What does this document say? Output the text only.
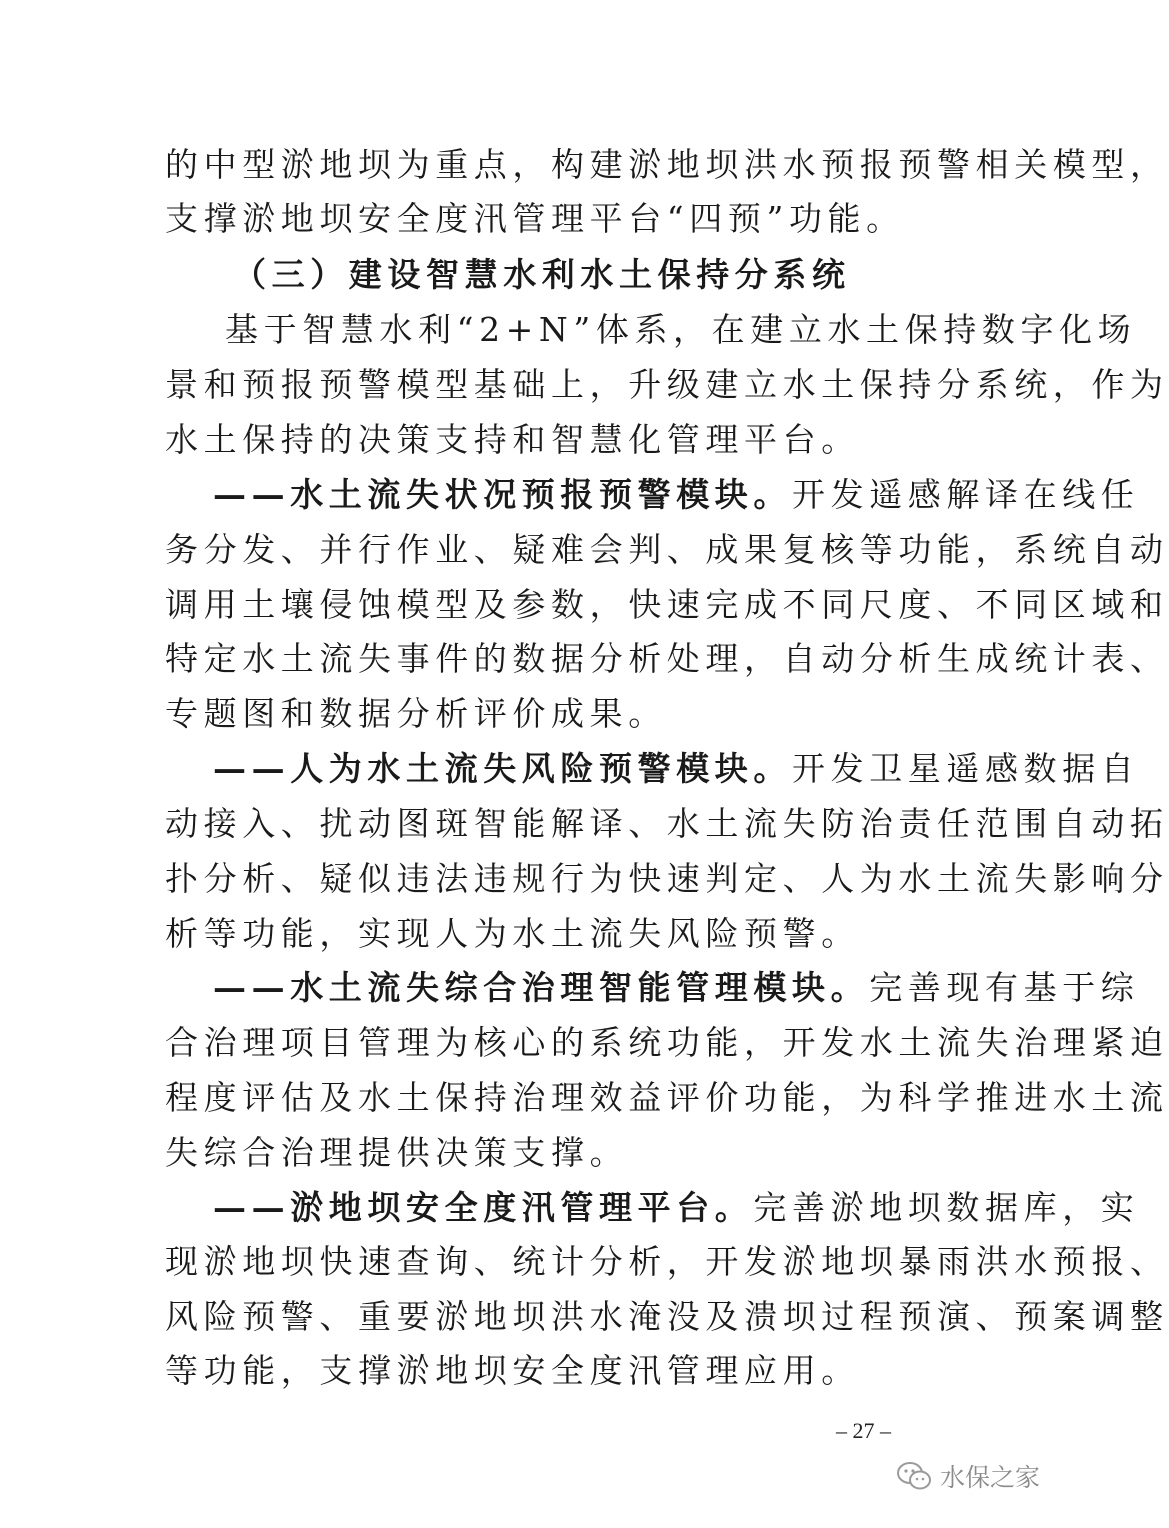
的中型淤地坝为重点，构建淤地坝洪水预报预警相关模型，
支撑淤地坝安全度汛管理平台“四预”功能。
（三）建设智慧水利水土保持分系统
基于智慧水利“2+N”体系，在建立水土保持数字化场
景和预报预警模型基础上，升级建立水土保持分系统，作为
水土保持的决策支持和智慧化管理平台。
——水土流失状况预报预警模块。开发遥感解译在线任
务分发、并行作业、疑难会判、成果复核等功能，系统自动
调用土壤侵蚀模型及参数，快速完成不同尺度、不同区域和
特定水土流失事件的数据分析处理，自动分析生成统计表、
专题图和数据分析评价成果。
——人为水土流失风险预警模块。开发卫星遥感数据自
动接入、扰动图斑智能解译、水土流失防治责任范围自动拓
扑分析、疑似违法违规行为快速判定、人为水土流失影响分
析等功能，实现人为水土流失风险预警。
——水土流失综合治理智能管理模块。完善现有基于综
合治理项目管理为核心的系统功能，开发水土流失治理紧迫
程度评估及水土保持治理效益评价功能，为科学推进水土流
失综合治理提供决策支撑。
——淤地坝安全度汛管理平台。完善淤地坝数据库，实
现淤地坝快速查询、统计分析，开发淤地坝暴雨洪水预报、
风险预警、重要淤地坝洪水淹没及溃坝过程预演、预案调整
等功能，支撑淤地坝安全度汛管理应用。
– 27 –
水保之家
